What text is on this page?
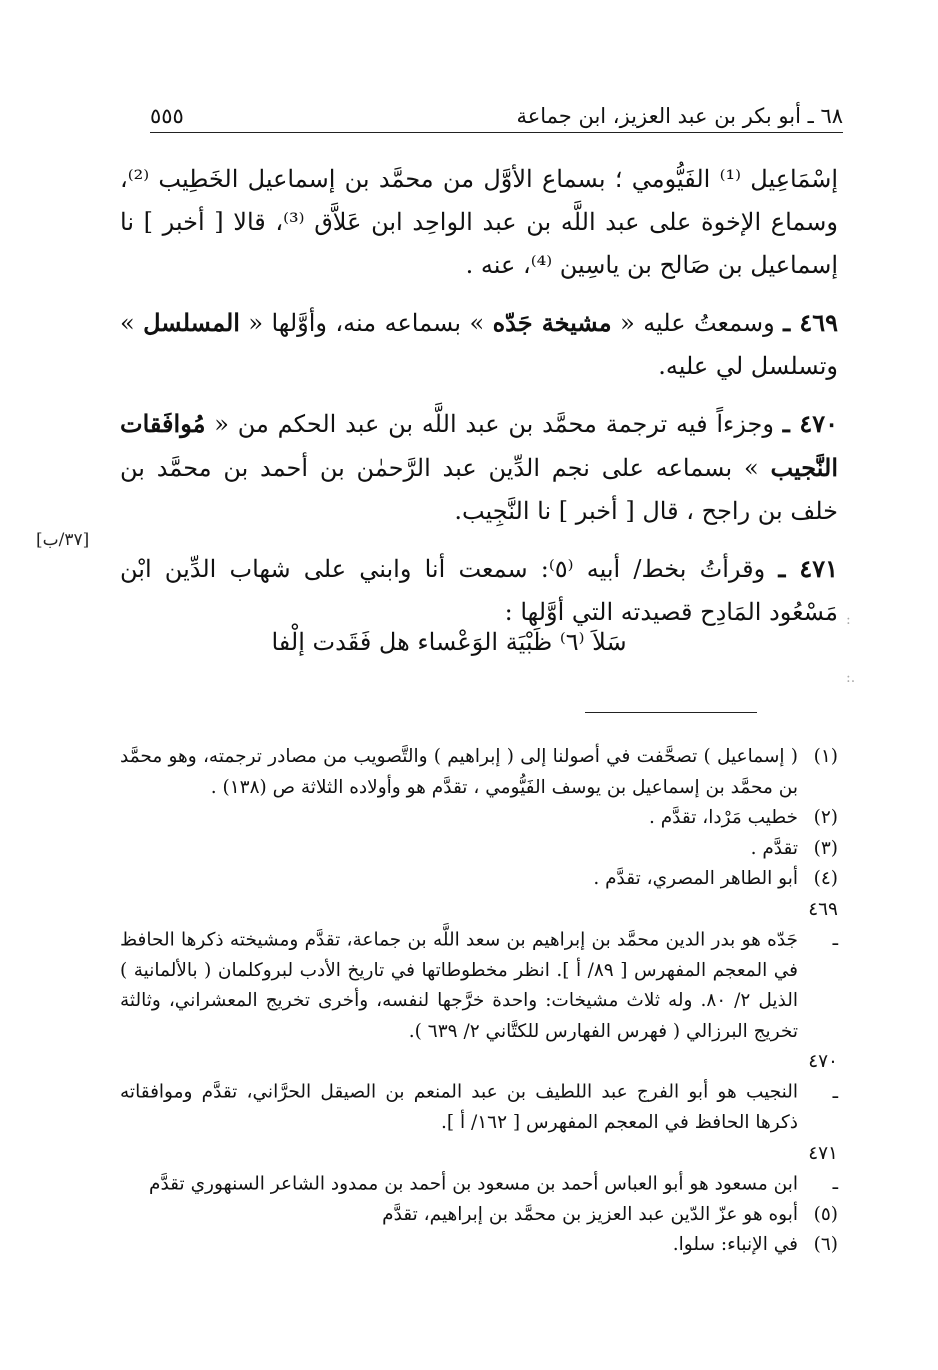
٦٨ ـ أبو بكر بن عبد العزيز، ابن جماعة
٥٥٥

إسْمَاعِيل ⁽¹⁾ الفَيُّومي ؛ بسماع الأوَّل من محمَّد بن إسماعيل الخَطِيب ⁽²⁾، وسماع الإخوة على عبد اللَّه بن عبد الواحِد ابن عَلاَّق ⁽³⁾، قالا [ أخبر ] نا إسماعيل بن صَالح بن ياسِين ⁽⁴⁾، عنه .

٤٦٩ ـ وسمعتُ عليه « مشيخة جَدّه » بسماعه منه، وأوَّلها « المسلسل » وتسلسل لي عليه.

٤٧٠ ـ وجزءاً فيه ترجمة محمَّد بن عبد اللَّه بن عبد الحكم من « مُوافَقات النَّجيب » بسماعه على نجم الدِّين عبد الرَّحمٰن بن أحمد بن محمَّد بن خلف بن راجح ، قال [ أخبر ] نا النَّجِيب.

٤٧١ ـ وقرأتُ بخط/ أبيه ⁽٥⁾: سمعت أنا وابني على شهاب الدِّين ابْن مَسْعُود المَادِح قصيدته التي أوَّلها :

[٣٧/ب]
سَلاَ ⁽٦⁾ ظَبْيَة الوَعْساء هل فَقَدت إلْفا
:
.:

(١)( إسماعيل ) تصحَّفت في أصولنا إلى ( إبراهيم ) والتَّصويب من مصادر ترجمته، وهو محمَّد بن محمَّد بن إسماعيل بن يوسف الفَيُّومي ، تقدَّم هو وأولاده الثلاثة ص (١٣٨) .

(٢)خطيب مَرْدا، تقدَّم .

(٣)تقدَّم .

(٤)أبو الطاهر المصري، تقدَّم .

٤٦٩ ـجَدّه هو بدر الدين محمَّد بن إبراهيم بن سعد اللَّه بن جماعة، تقدَّم ومشيخته ذكرها الحافظ في المعجم المفهرس [ ٨٩/ أ ]. انظر مخطوطاتها في تاريخ الأدب لبروكلمان ( بالألمانية ) الذيل ٢/ ٨٠. وله ثلاث مشيخات: واحدة خرَّجها لنفسه، وأخرى تخريج المعشراني، وثالثة تخريج البرزالي ( فهرس الفهارس للكتَّاني ٢/ ٦٣٩ ).

٤٧٠ ـالنجيب هو أبو الفرج عبد اللطيف بن عبد المنعم بن الصيقل الحرَّاني، تقدَّم وموافقاته ذكرها الحافظ في المعجم المفهرس [ ١٦٢/ أ ].

٤٧١ ـابن مسعود هو أبو العباس أحمد بن مسعود بن أحمد بن ممدود الشاعر السنهوري تقدَّم

(٥)أبوه هو عزّ الدّين عبد العزيز بن محمَّد بن إبراهيم، تقدَّم

(٦)في الإنباء: سلوا.
